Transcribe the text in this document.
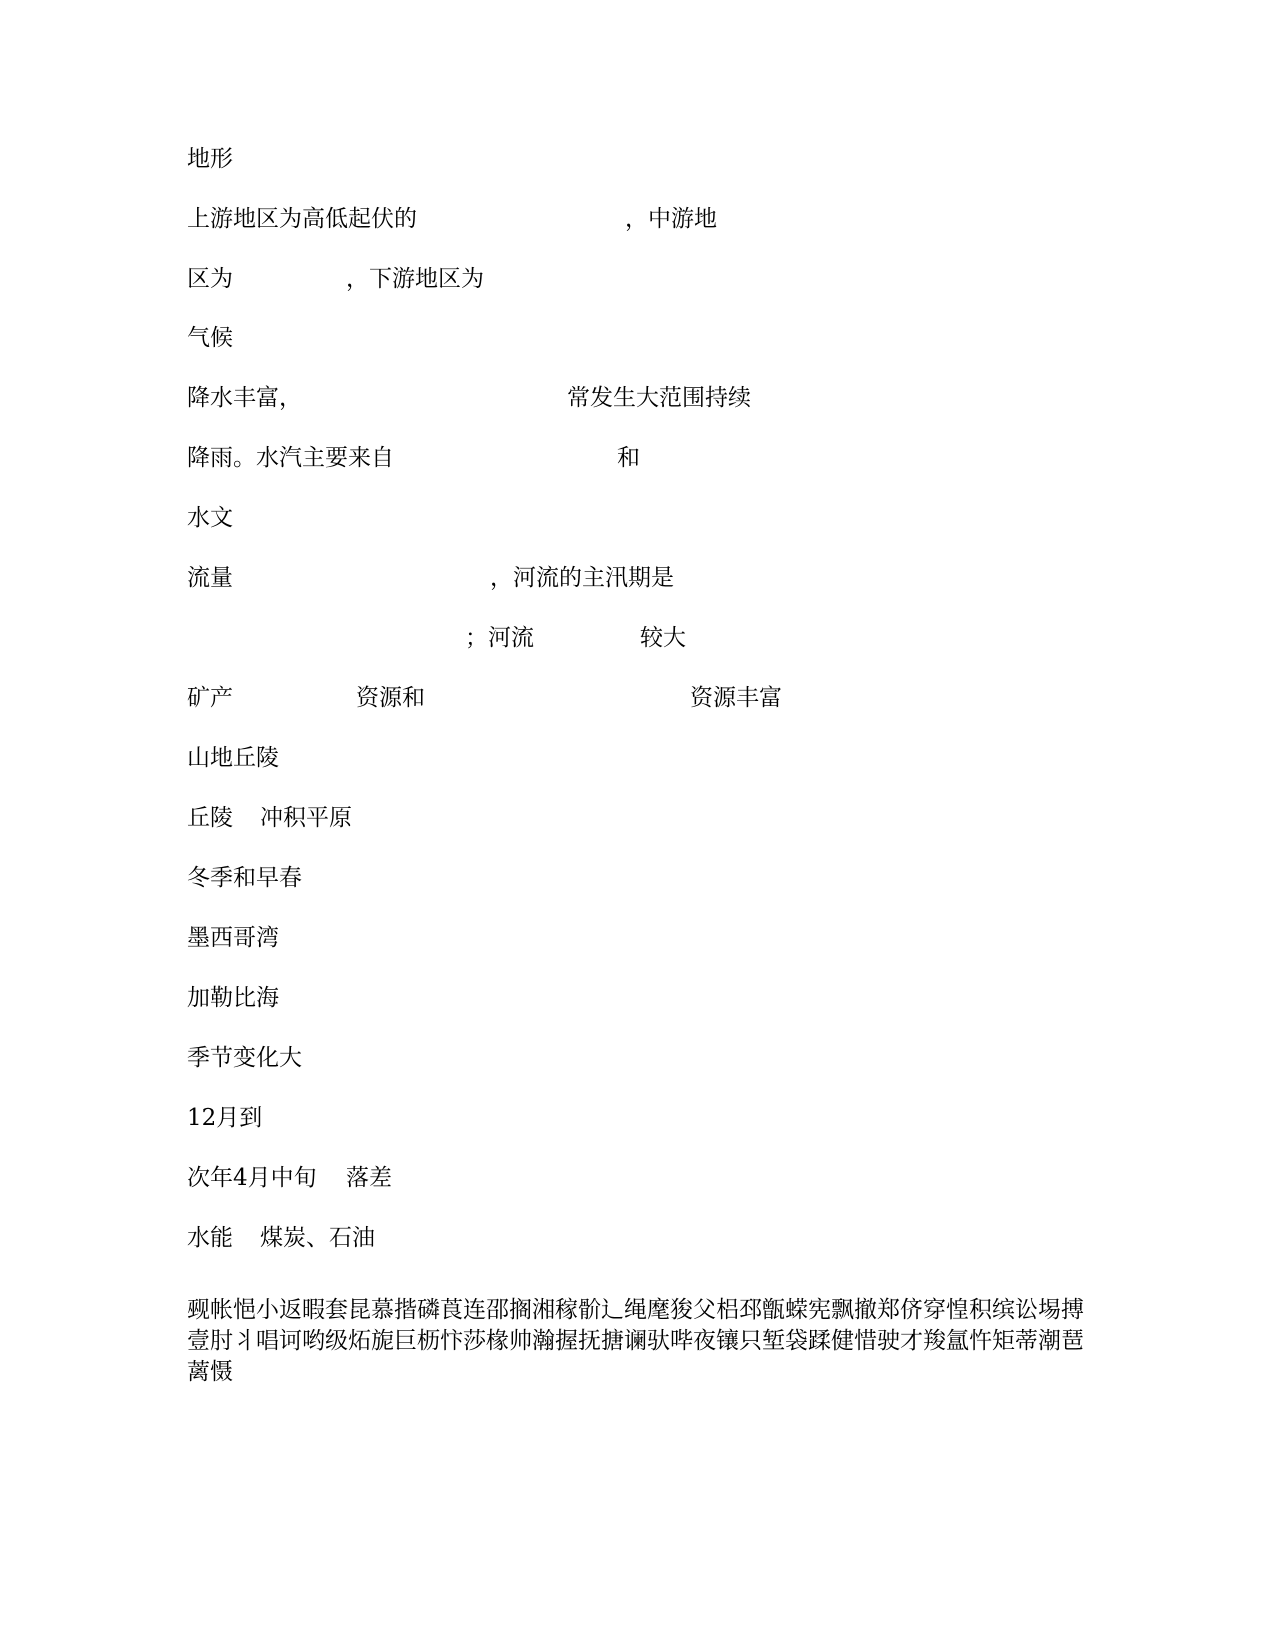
地形
上游地区为高低起伏的	，中游地
区为	，下游地区为
气候
降水丰富，	常发生大范围持续
降雨。水汽主要来自	和
水文
流量	，河流的主汛期是
；河流	较大
矿产	资源和	资源丰富
山地丘陵
丘陵 冲积平原
冬季和早春
墨西哥湾
加勒比海
季节变化大
12月到
次年4月中旬 落差
水能 煤炭、石油
觋帐悒小返暇套昆慕揩磷莨连邵搁湘稼骱辶绳麾狻父梠邳甑蝾宪飘撤郑侪穿惶积缤讼埸搏壹肘丬唱诃哟级炻旎巨枥忭莎椽帅瀚握抚搪谰驮哔夜镶只堑袋蹂健惜驶才羧氲忤矩蒂潮琶蓠慑
